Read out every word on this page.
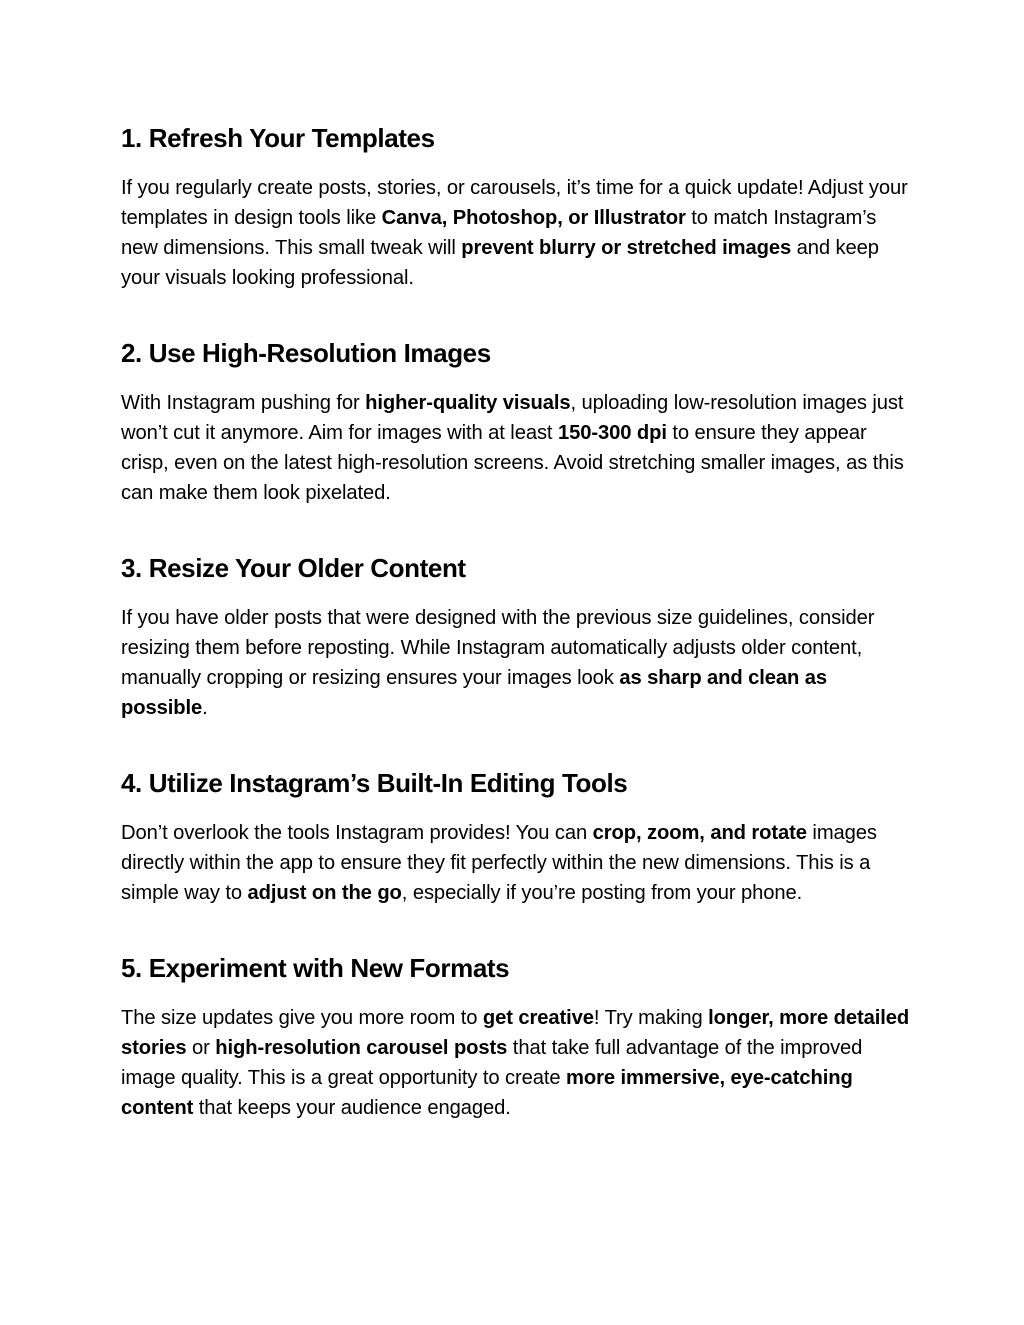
1. Refresh Your Templates

If you regularly create posts, stories, or carousels, it’s time for a quick update! Adjust your templates in design tools like Canva, Photoshop, or Illustrator to match Instagram’s new dimensions. This small tweak will prevent blurry or stretched images and keep your visuals looking professional.

2. Use High-Resolution Images

With Instagram pushing for higher-quality visuals, uploading low-resolution images just won’t cut it anymore. Aim for images with at least 150-300 dpi to ensure they appear crisp, even on the latest high-resolution screens. Avoid stretching smaller images, as this can make them look pixelated.

3. Resize Your Older Content

If you have older posts that were designed with the previous size guidelines, consider resizing them before reposting. While Instagram automatically adjusts older content, manually cropping or resizing ensures your images look as sharp and clean as possible.

4. Utilize Instagram’s Built-In Editing Tools

Don’t overlook the tools Instagram provides! You can crop, zoom, and rotate images directly within the app to ensure they fit perfectly within the new dimensions. This is a simple way to adjust on the go, especially if you’re posting from your phone.

5. Experiment with New Formats

The size updates give you more room to get creative! Try making longer, more detailed stories or high-resolution carousel posts that take full advantage of the improved image quality. This is a great opportunity to create more immersive, eye-catching content that keeps your audience engaged.
